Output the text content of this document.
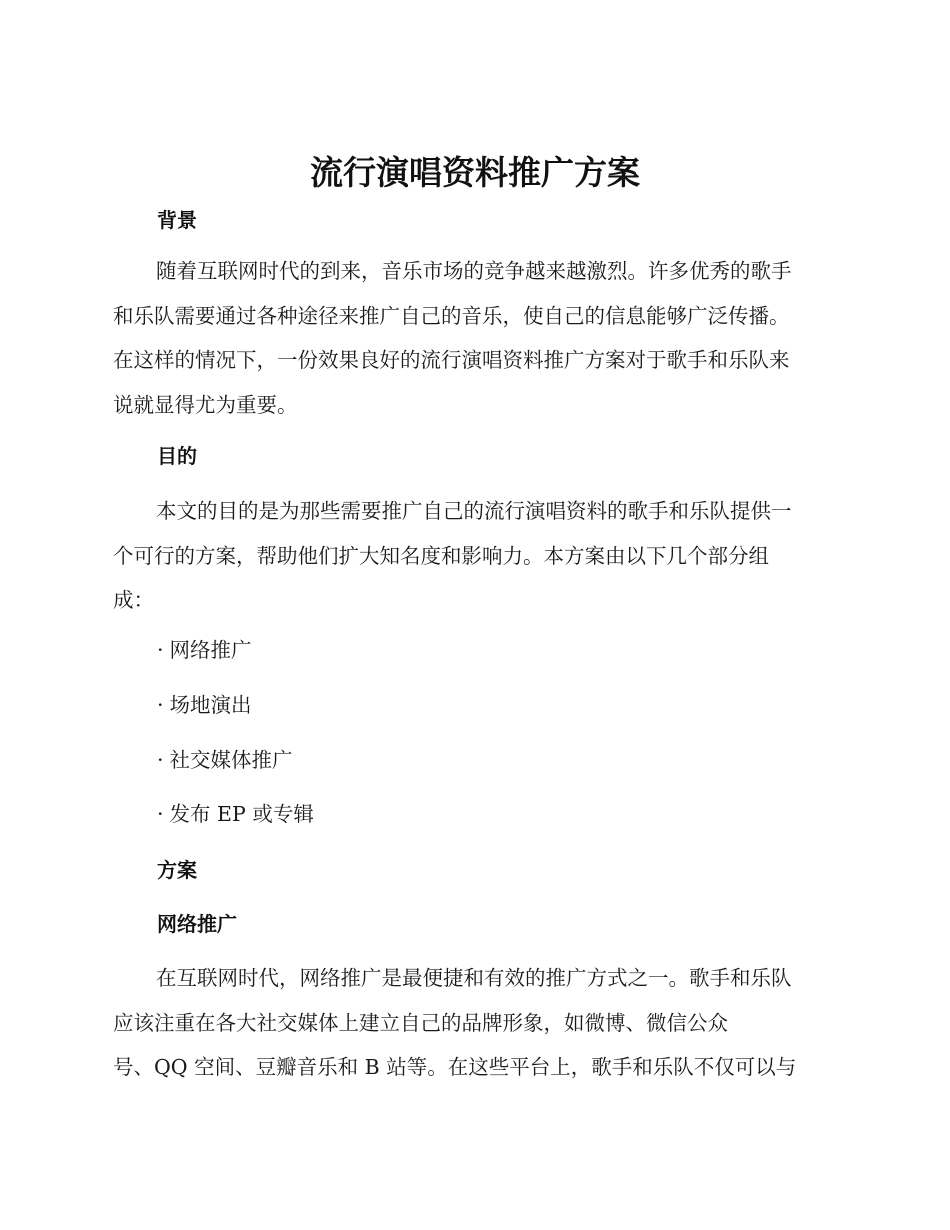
流行演唱资料推广方案
背景
随着互联网时代的到来，音乐市场的竞争越来越激烈。许多优秀的歌手
和乐队需要通过各种途径来推广自己的音乐，使自己的信息能够广泛传播。
在这样的情况下，一份效果良好的流行演唱资料推广方案对于歌手和乐队来
说就显得尤为重要。
目的
本文的目的是为那些需要推广自己的流行演唱资料的歌手和乐队提供一
个可行的方案，帮助他们扩大知名度和影响力。本方案由以下几个部分组
成：
· 网络推广
· 场地演出
· 社交媒体推广
· 发布 EP 或专辑
方案
网络推广
在互联网时代，网络推广是最便捷和有效的推广方式之一。歌手和乐队
应该注重在各大社交媒体上建立自己的品牌形象，如微博、微信公众
号、QQ 空间、豆瓣音乐和 B 站等。在这些平台上，歌手和乐队不仅可以与
